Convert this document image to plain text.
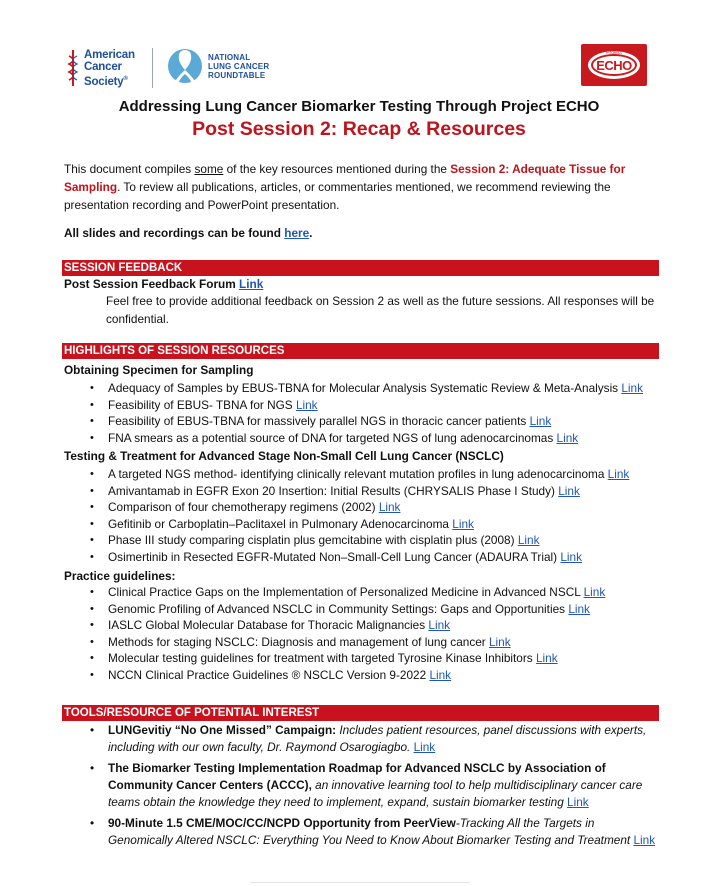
American
Cancer
Society®
NATIONAL
LUNG CANCER
ROUNDTABLE
Project
ECHO
Addressing Lung Cancer Biomarker Testing Through Project ECHO
Post Session 2: Recap & Resources
This document compiles some of the key resources mentioned during the Session 2: Adequate Tissue for Sampling. To review all publications, articles, or commentaries mentioned, we recommend reviewing the presentation recording and PowerPoint presentation.
All slides and recordings can be found here.
SESSION FEEDBACK
Post Session Feedback Forum Link
Feel free to provide additional feedback on Session 2 as well as the future sessions. All responses will be confidential.
HIGHLIGHTS OF SESSION RESOURCES
Obtaining Specimen for Sampling
• Adequacy of Samples by EBUS-TBNA for Molecular Analysis Systematic Review & Meta-Analysis Link
• Feasibility of EBUS- TBNA for NGS Link
• Feasibility of EBUS-TBNA for massively parallel NGS in thoracic cancer patients Link
• FNA smears as a potential source of DNA for targeted NGS of lung adenocarcinomas Link
Testing & Treatment for Advanced Stage Non-Small Cell Lung Cancer (NSCLC)
• A targeted NGS method- identifying clinically relevant mutation profiles in lung adenocarcinoma Link
• Amivantamab in EGFR Exon 20 Insertion: Initial Results (CHRYSALIS Phase I Study) Link
• Comparison of four chemotherapy regimens (2002) Link
• Gefitinib or Carboplatin–Paclitaxel in Pulmonary Adenocarcinoma Link
• Phase III study comparing cisplatin plus gemcitabine with cisplatin plus (2008) Link
• Osimertinib in Resected EGFR-Mutated Non–Small-Cell Lung Cancer (ADAURA Trial) Link
Practice guidelines:
• Clinical Practice Gaps on the Implementation of Personalized Medicine in Advanced NSCL Link
• Genomic Profiling of Advanced NSCLC in Community Settings: Gaps and Opportunities Link
• IASLC Global Molecular Database for Thoracic Malignancies Link
• Methods for staging NSCLC: Diagnosis and management of lung cancer Link
• Molecular testing guidelines for treatment with targeted Tyrosine Kinase Inhibitors Link
• NCCN Clinical Practice Guidelines ® NSCLC Version 9-2022 Link
TOOLS/RESOURCE OF POTENTIAL INTEREST
• LUNGevitiy “No One Missed” Campaign: Includes patient resources, panel discussions with experts, including with our own faculty, Dr. Raymond Osarogiagbo. Link
• The Biomarker Testing Implementation Roadmap for Advanced NSCLC by Association of Community Cancer Centers (ACCC), an innovative learning tool to help multidisciplinary cancer care teams obtain the knowledge they need to implement, expand, sustain biomarker testing Link
• 90-Minute 1.5 CME/MOC/CC/NCPD Opportunity from PeerView-Tracking All the Targets in Genomically Altered NSCLC: Everything You Need to Know About Biomarker Testing and Treatment Link
